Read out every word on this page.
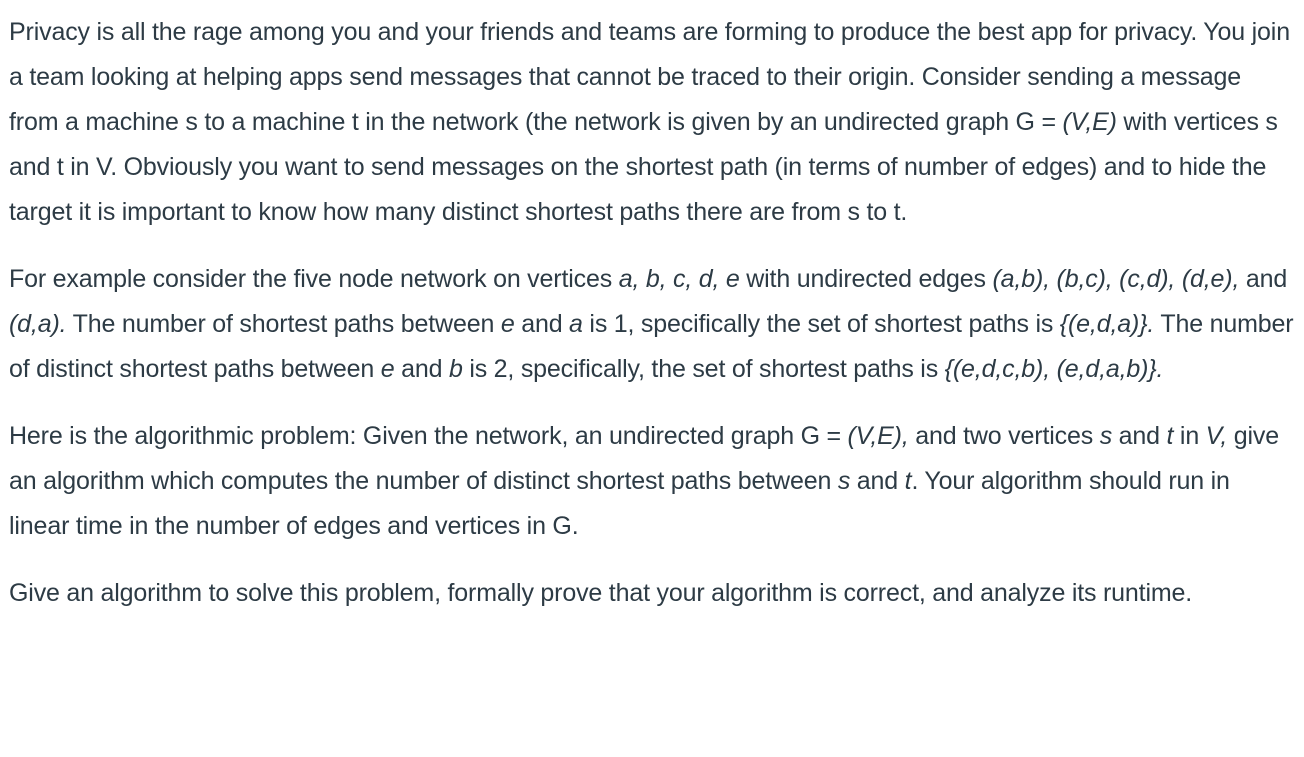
Privacy is all the rage among you and your friends and teams are forming to produce the best app for privacy. You join a team looking at helping apps send messages that cannot be traced to their origin. Consider sending a message from a machine s to a machine t in the network (the network is given by an undirected graph G = (V,E) with vertices s and t in V. Obviously you want to send messages on the shortest path (in terms of number of edges) and to hide the target it is important to know how many distinct shortest paths there are from s to t.

For example consider the five node network on vertices a, b, c, d, e with undirected edges (a,b), (b,c), (c,d), (d,e), and (d,a). The number of shortest paths between e and a is 1, specifically the set of shortest paths is {(e,d,a)}. The number of distinct shortest paths between e and b is 2, specifically, the set of shortest paths is {(e,d,c,b), (e,d,a,b)}.

Here is the algorithmic problem: Given the network, an undirected graph G = (V,E), and two vertices s and t in V, give an algorithm which computes the number of distinct shortest paths between s and t. Your algorithm should run in linear time in the number of edges and vertices in G.

Give an algorithm to solve this problem, formally prove that your algorithm is correct, and analyze its runtime.
